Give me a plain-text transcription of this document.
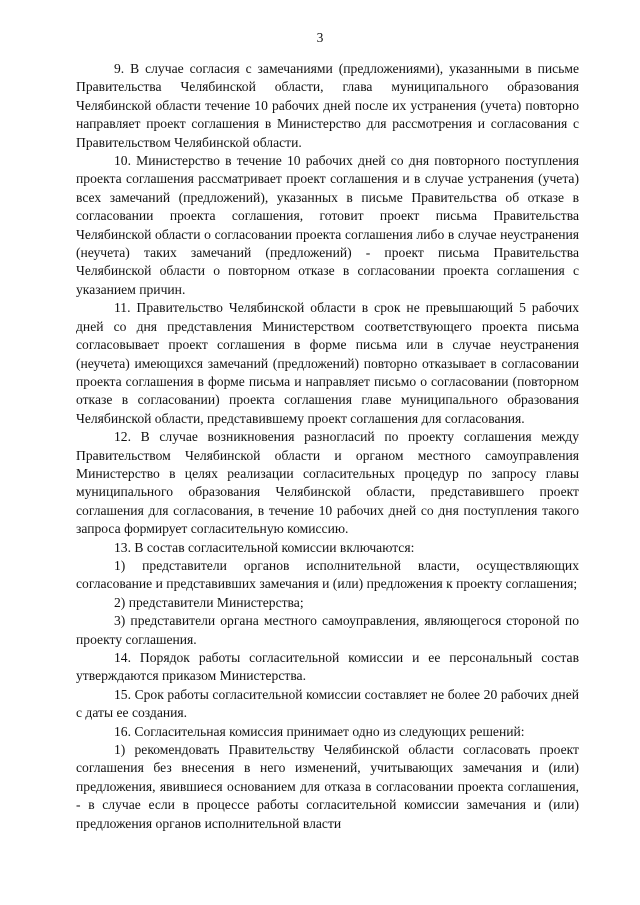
3

9. В случае согласия с замечаниями (предложениями), указанными в письме Правительства Челябинской области, глава муниципального образования Челябинской области течение 10 рабочих дней после их устранения (учета) повторно направляет проект соглашения в Министерство для рассмотрения и согласования с Правительством Челябинской области.

10. Министерство в течение 10 рабочих дней со дня повторного поступления проекта соглашения рассматривает проект соглашения и в случае устранения (учета) всех замечаний (предложений), указанных в письме Правительства об отказе в согласовании проекта соглашения, готовит проект письма Правительства Челябинской области о согласовании проекта соглашения либо в случае неустранения (неучета) таких замечаний (предложений) - проект письма Правительства Челябинской области о повторном отказе в согласовании проекта соглашения с указанием причин.

11. Правительство Челябинской области в срок не превышающий 5 рабочих дней со дня представления Министерством соответствующего проекта письма согласовывает проект соглашения в форме письма или в случае неустранения (неучета) имеющихся замечаний (предложений) повторно отказывает в согласовании проекта соглашения в форме письма и направляет письмо о согласовании (повторном отказе в согласовании) проекта соглашения главе муниципального образования Челябинской области, представившему проект соглашения для согласования.

12. В случае возникновения разногласий по проекту соглашения между Правительством Челябинской области и органом местного самоуправления Министерство в целях реализации согласительных процедур по запросу главы муниципального образования Челябинской области, представившего проект соглашения для согласования, в течение 10 рабочих дней со дня поступления такого запроса формирует согласительную комиссию.

13. В состав согласительной комиссии включаются:

1) представители органов исполнительной власти, осуществляющих согласование и представивших замечания и (или) предложения к проекту соглашения;

2) представители Министерства;

3) представители органа местного самоуправления, являющегося стороной по проекту соглашения.

14. Порядок работы согласительной комиссии и ее персональный состав утверждаются приказом Министерства.

15. Срок работы согласительной комиссии составляет не более 20 рабочих дней с даты ее создания.

16. Согласительная комиссия принимает одно из следующих решений:

1) рекомендовать Правительству Челябинской области согласовать проект соглашения без внесения в него изменений, учитывающих замечания и (или) предложения, явившиеся основанием для отказа в согласовании проекта соглашения, - в случае если в процессе работы согласительной комиссии замечания и (или) предложения органов исполнительной власти
